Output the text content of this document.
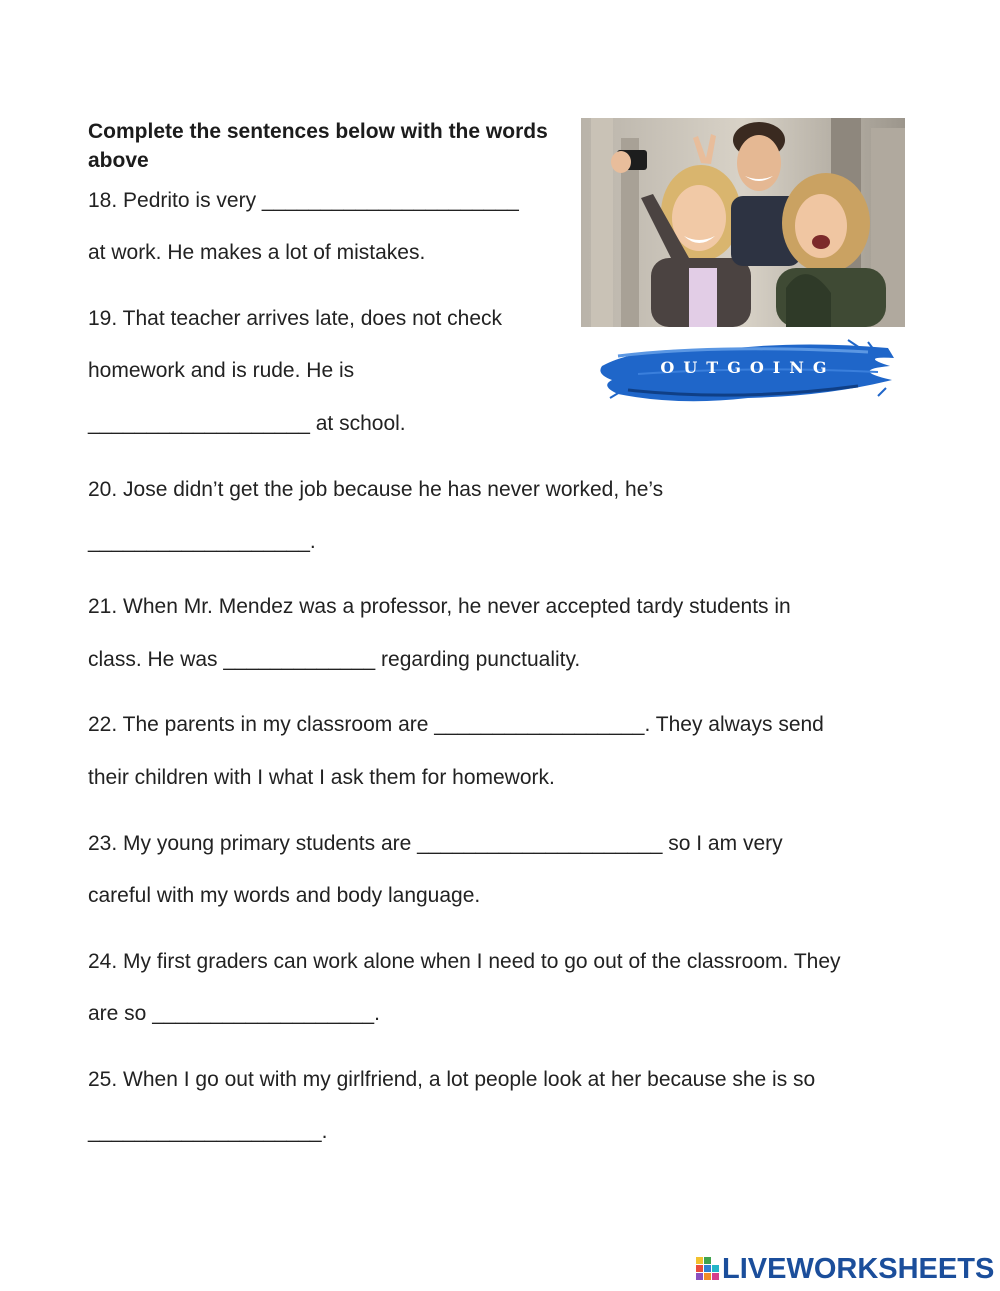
Complete the sentences below with the words above
18. Pedrito is very ______________________
at work. He makes a lot of mistakes.
19. That teacher arrives late, does not check
homework and is rude. He is
___________________ at school.
20. Jose didn’t get the job because he has never worked, he’s
___________________.
21. When Mr. Mendez was a professor, he never accepted tardy students in
class. He was _____________ regarding punctuality.
22. The parents in my classroom are __________________. They always send
their children with I what I ask them for homework.
23. My young primary students are _____________________ so I am very
careful with my words and body language.
24. My first graders can work alone when I need to go out of the classroom. They
are so ___________________.
25. When I go out with my girlfriend, a lot people look at her because she is so
____________________.
OUTGOING
LIVEWORKSHEETS
